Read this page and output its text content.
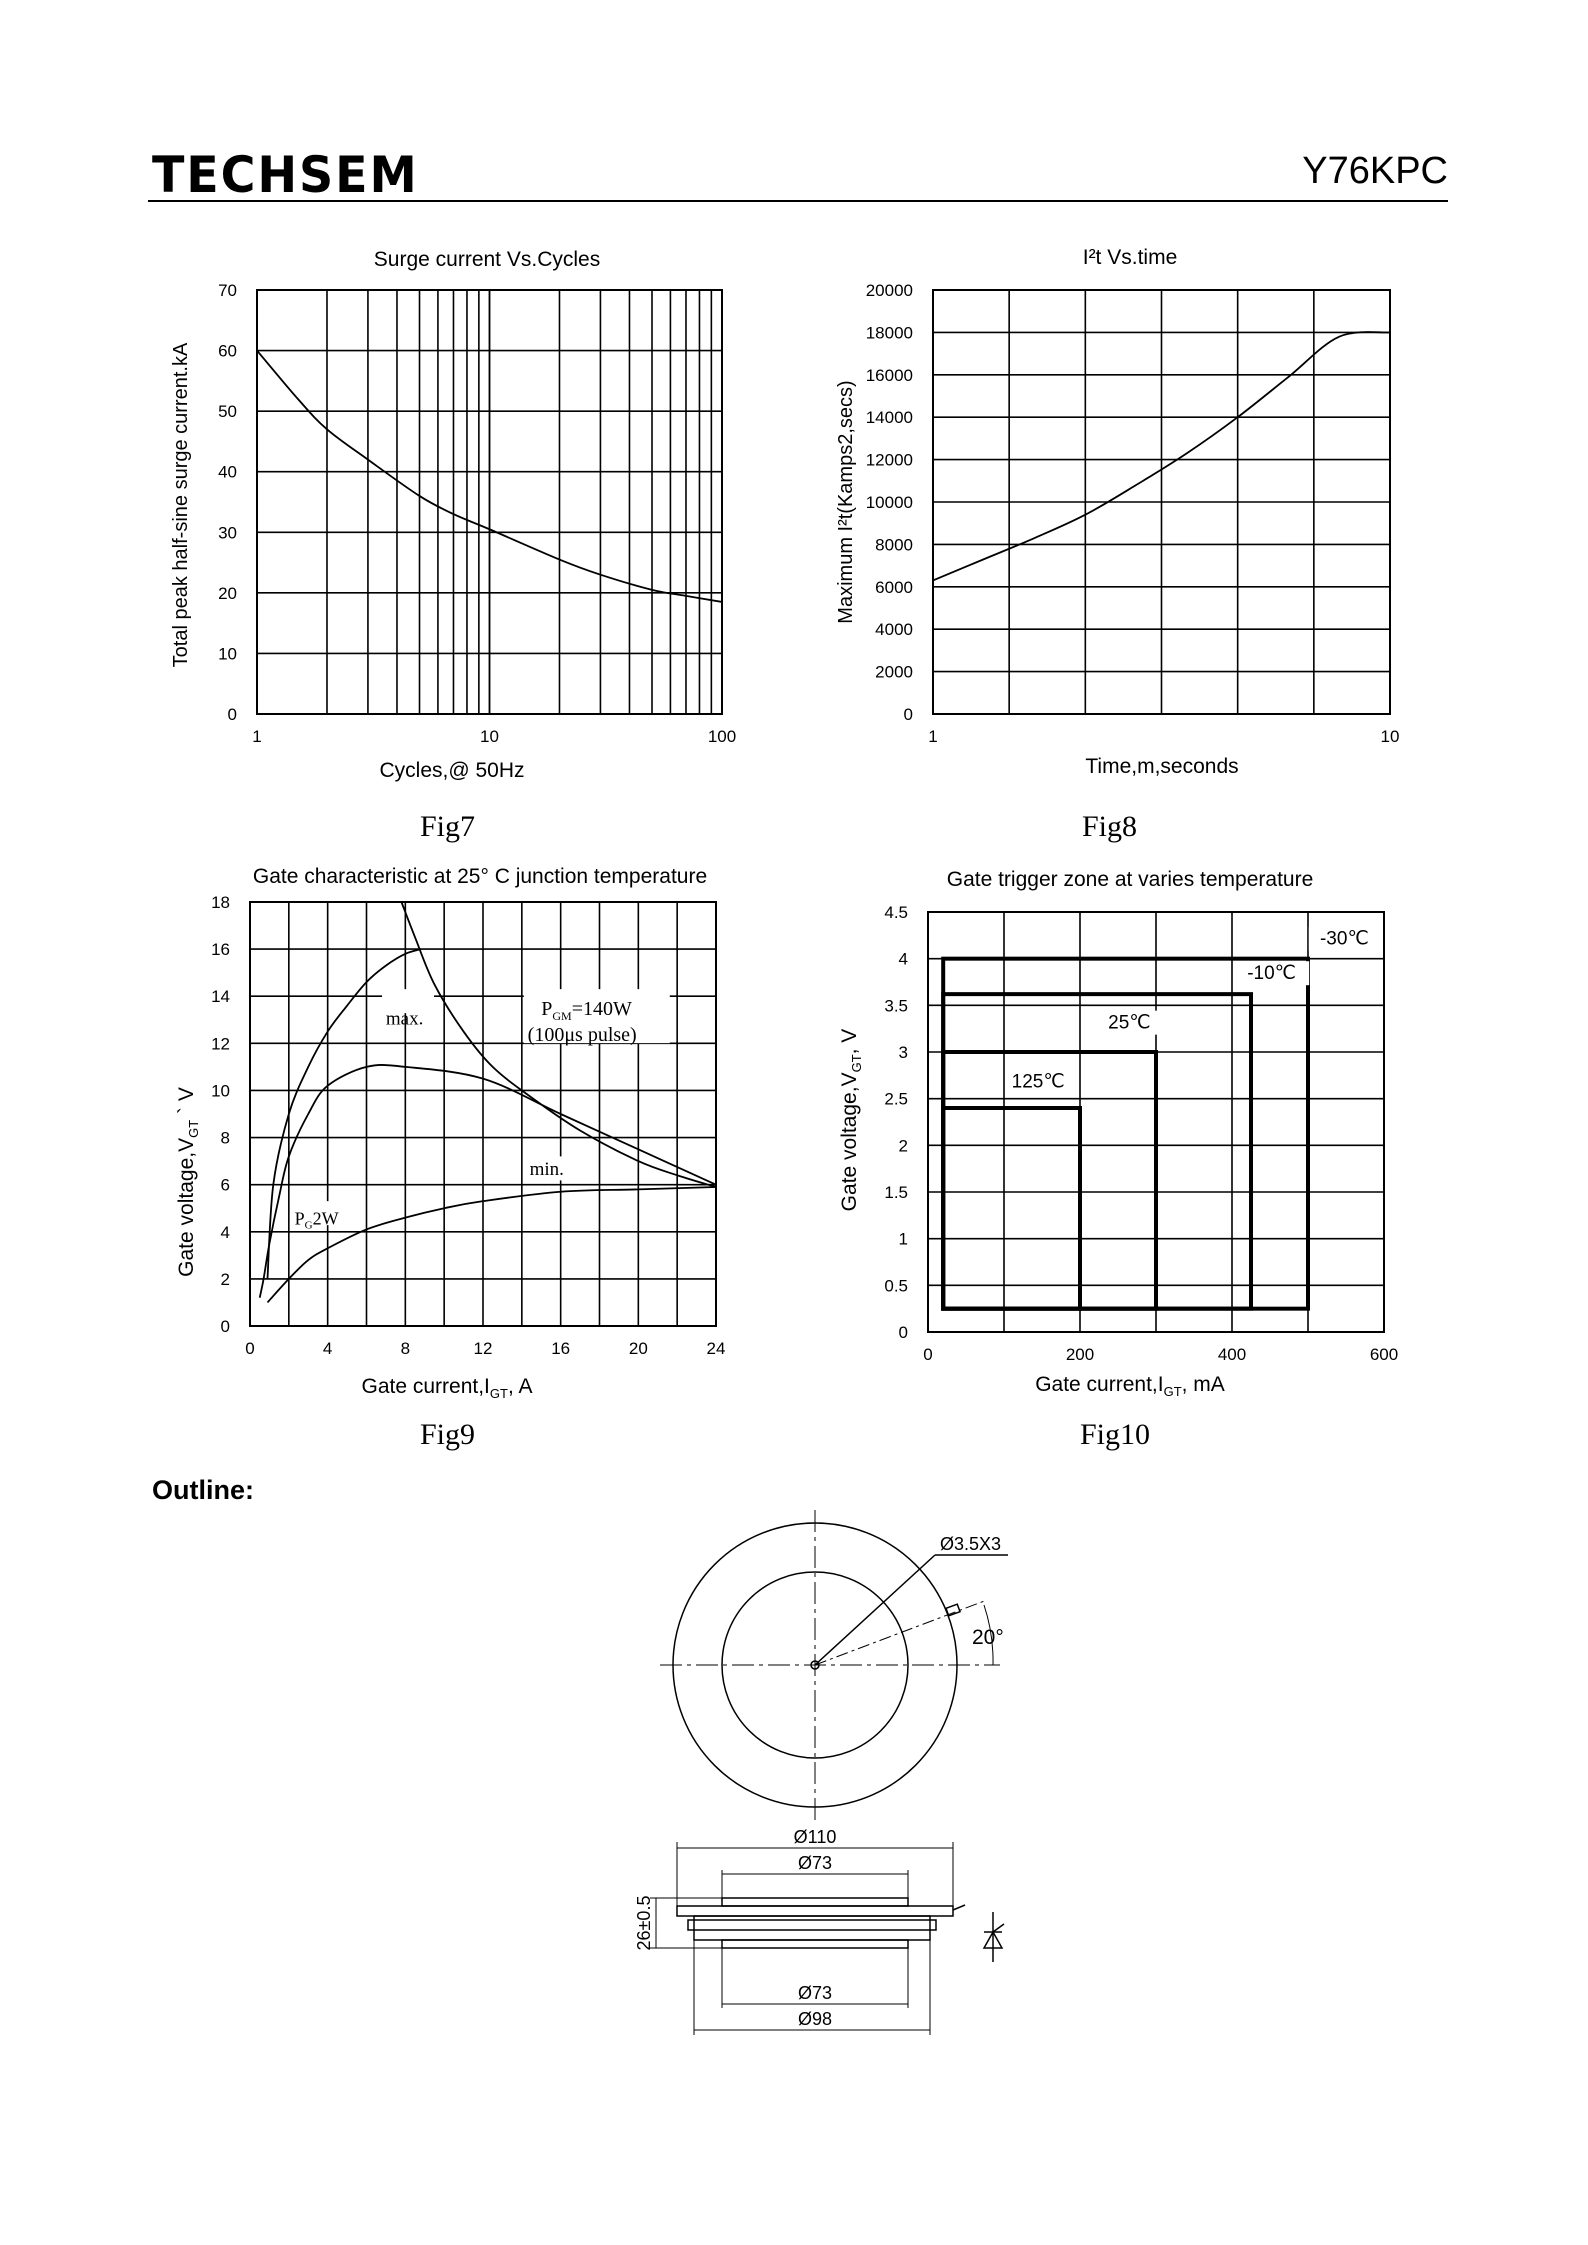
TECHSEM	Y76KPC
Surge current Vs.Cycles
Cycles,@ 50Hz
Total peak half-sine surge current.kA
0
10
20
30
40
50
60
70
1	10	100
Fig7
I²t Vs.time
Time,m,seconds
Maximum I²t(Kamps2,secs)
0
2000
4000
6000
8000
10000
12000
14000
16000
18000
20000
1	10
Fig8
Gate characteristic at 25° C junction temperature
Gate $current,I_{GT}$, A
Gate $voltage,V_{GT}$ ` V
0
2
4
6
8
10
12
14
16
18
0	4	8	12	16	20	24
max.	$P_{GM}=140W$
(100μs pulse)
min.
$P_G2W$
Fig9
Gate trigger zone at varies temperature
Gate $current,I_{GT}$, mA
Gate $voltage,V_{GT}$, V
0
0.5
1
1.5
2
2.5
3
3.5
4
4.5
0	200	400	600
-30℃
-10℃
25℃
125℃
Fig10
Outline:
Ø3.5X3
20°
Ø110
Ø73
Ø73
Ø98
26±0.5
